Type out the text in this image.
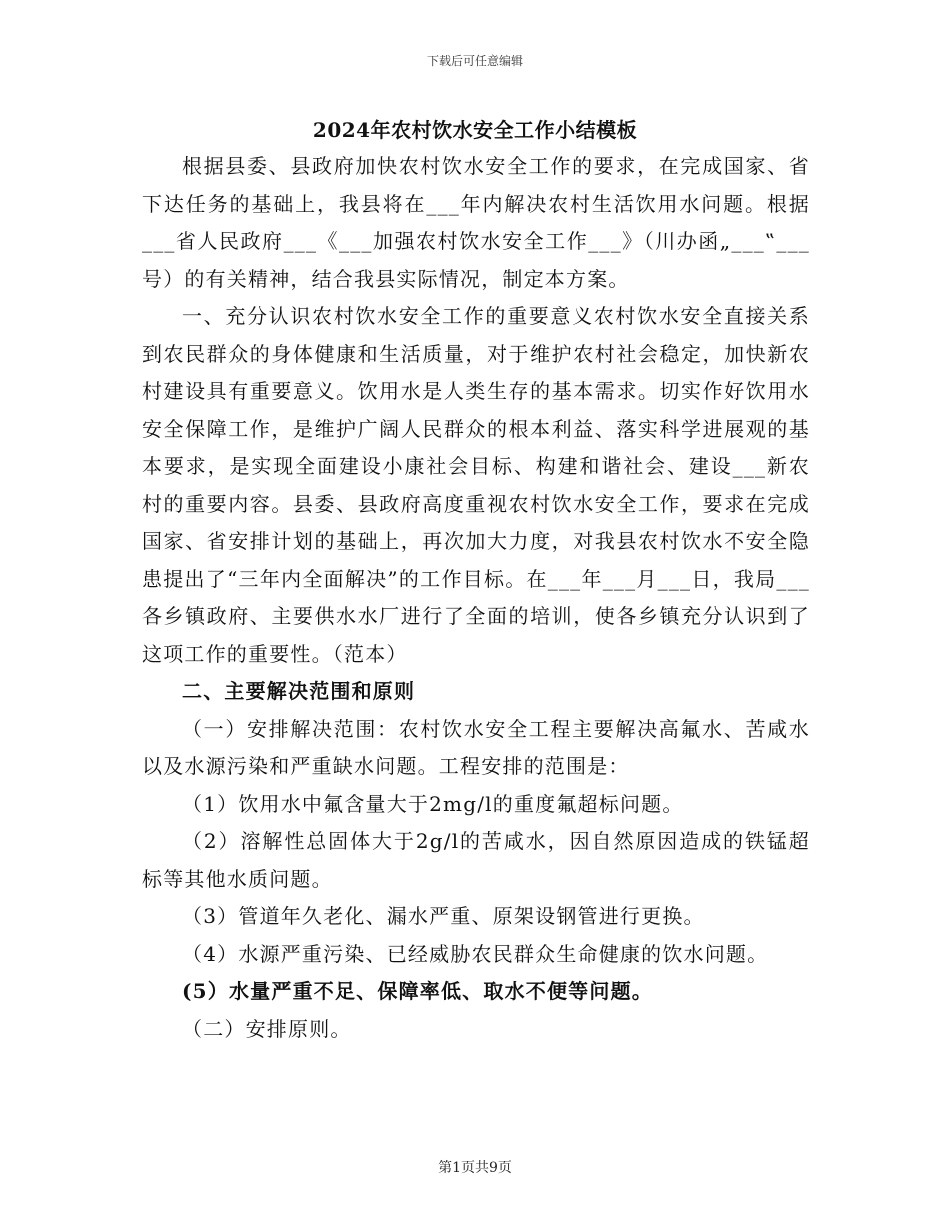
下载后可任意编辑
2024年农村饮水安全工作小结模板

根据县委、县政府加快农村饮水安全工作的要求，在完成国家、省下达任务的基础上，我县将在___年内解决农村生活饮用水问题。根据___省人民政府___《___加强农村饮水安全工作___》（川办函„___‟___号）的有关精神，结合我县实际情况，制定本方案。

一、充分认识农村饮水安全工作的重要意义农村饮水安全直接关系到农民群众的身体健康和生活质量，对于维护农村社会稳定，加快新农村建设具有重要意义。饮用水是人类生存的基本需求。切实作好饮用水安全保障工作，是维护广阔人民群众的根本利益、落实科学进展观的基本要求，是实现全面建设小康社会目标、构建和谐社会、建设___新农村的重要内容。县委、县政府高度重视农村饮水安全工作，要求在完成国家、省安排计划的基础上，再次加大力度，对我县农村饮水不安全隐患提出了“三年内全面解决”的工作目标。在___年___月___日，我局___各乡镇政府、主要供水水厂进行了全面的培训，使各乡镇充分认识到了这项工作的重要性。（范本）

二、主要解决范围和原则

（一）安排解决范围：农村饮水安全工程主要解决高氟水、苦咸水以及水源污染和严重缺水问题。工程安排的范围是：

（1）饮用水中氟含量大于2mg/l的重度氟超标问题。

（2）溶解性总固体大于2g/l的苦咸水，因自然原因造成的铁锰超标等其他水质问题。

（3）管道年久老化、漏水严重、原架设钢管进行更换。

（4）水源严重污染、已经威胁农民群众生命健康的饮水问题。

(5）水量严重不足、保障率低、取水不便等问题。

（二）安排原则。

第1页共9页
